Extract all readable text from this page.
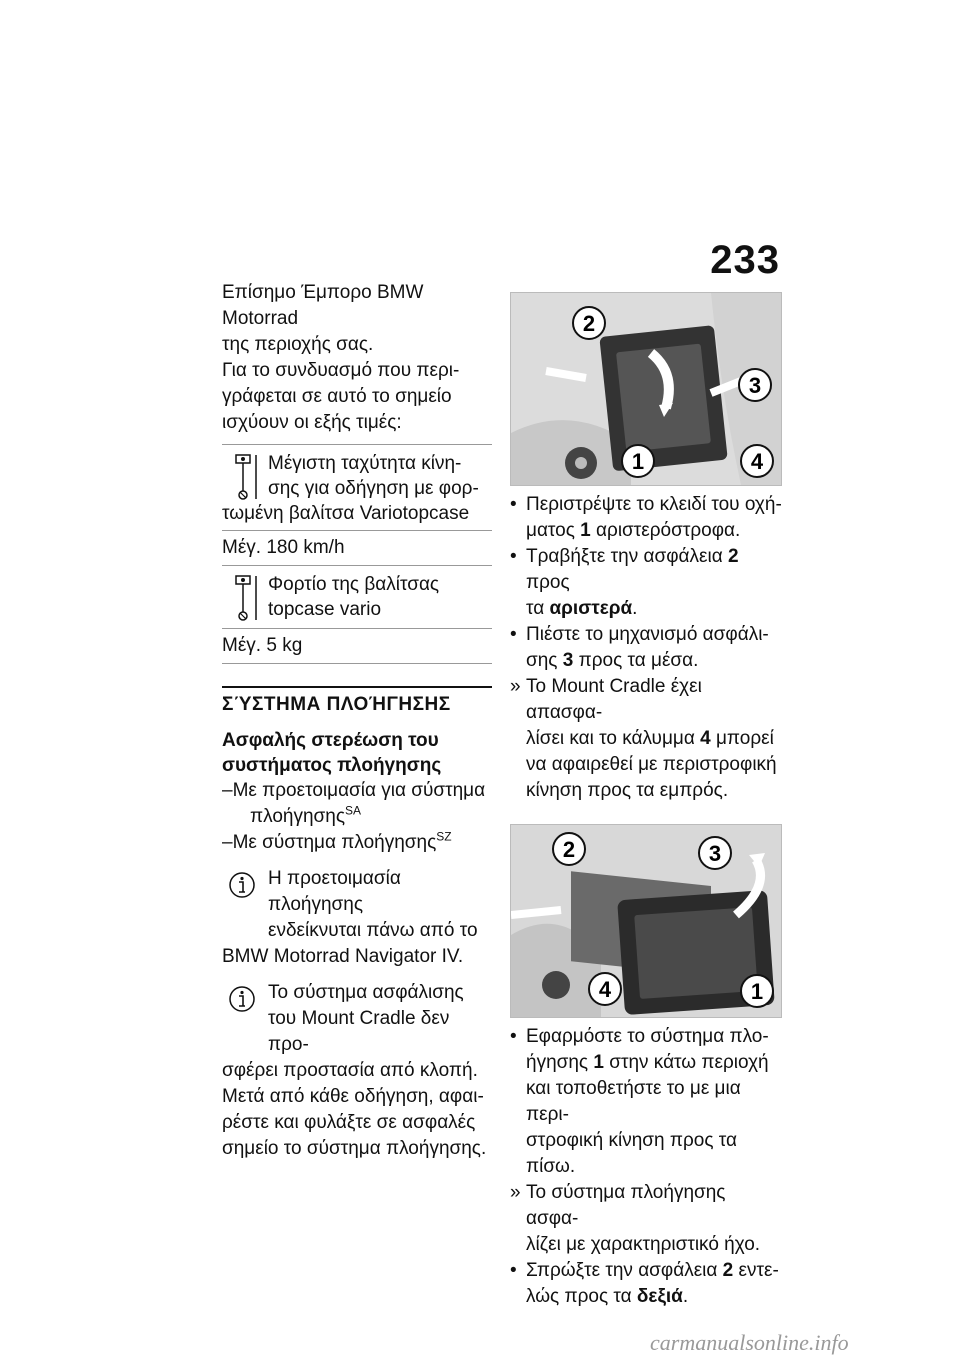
233

Επίσημο Έμπορο BMW Motorrad

της περιοχής σας.

Για το συνδυασμό που περι-

γράφεται σε αυτό το σημείο

ισχύουν οι εξής τιμές:

Μέγιστη ταχύτητα κίνη-
σης για οδήγηση με φορ-
τωμένη βαλίτσα Variotopcase
Μέγ. 180 km/h
Φορτίο της βαλίτσας
topcase vario
Μέγ. 5 kg
ΣΎΣΤΗΜΑ ΠΛΟΉΓΗΣΗΣ
Ασφαλής στερέωση του
συστήματος πλοήγησης
–Με προετοιμασία για σύστημα
πλοήγησης$^{SA}$
–Με σύστημα πλοήγησης$^{SZ}$
Η προετοιμασία πλοήγησης
ενδείκνυται πάνω από το
BMW Motorrad Navigator IV.
Το σύστημα ασφάλισης
του Mount Cradle δεν προ-
σφέρει προστασία από κλοπή.
Μετά από κάθε οδήγηση, αφαι-
ρέστε και φυλάξτε σε ασφαλές
σημείο το σύστημα πλοήγησης.
2
3
1	4
• Περιστρέψτε το κλειδί του οχή-
ματος 1 αριστερόστροφα.
• Τραβήξτε την ασφάλεια 2 προς
τα αριστερά.
• Πιέστε το μηχανισμό ασφάλι-
σης 3 προς τα μέσα.
» Το Mount Cradle έχει απασφα-
λίσει και το κάλυμμα 4 μπορεί
να αφαιρεθεί με περιστροφική
κίνηση προς τα εμπρός.
2	3
4	1
• Εφαρμόστε το σύστημα πλο-
ήγησης 1 στην κάτω περιοχή
και τοποθετήστε το με μια περι-
στροφική κίνηση προς τα πίσω.
» Το σύστημα πλοήγησης ασφα-
λίζει με χαρακτηριστικό ήχο.
• Σπρώξτε την ασφάλεια 2 εντε-
λώς προς τα δεξιά.
carmanualsonline.info
